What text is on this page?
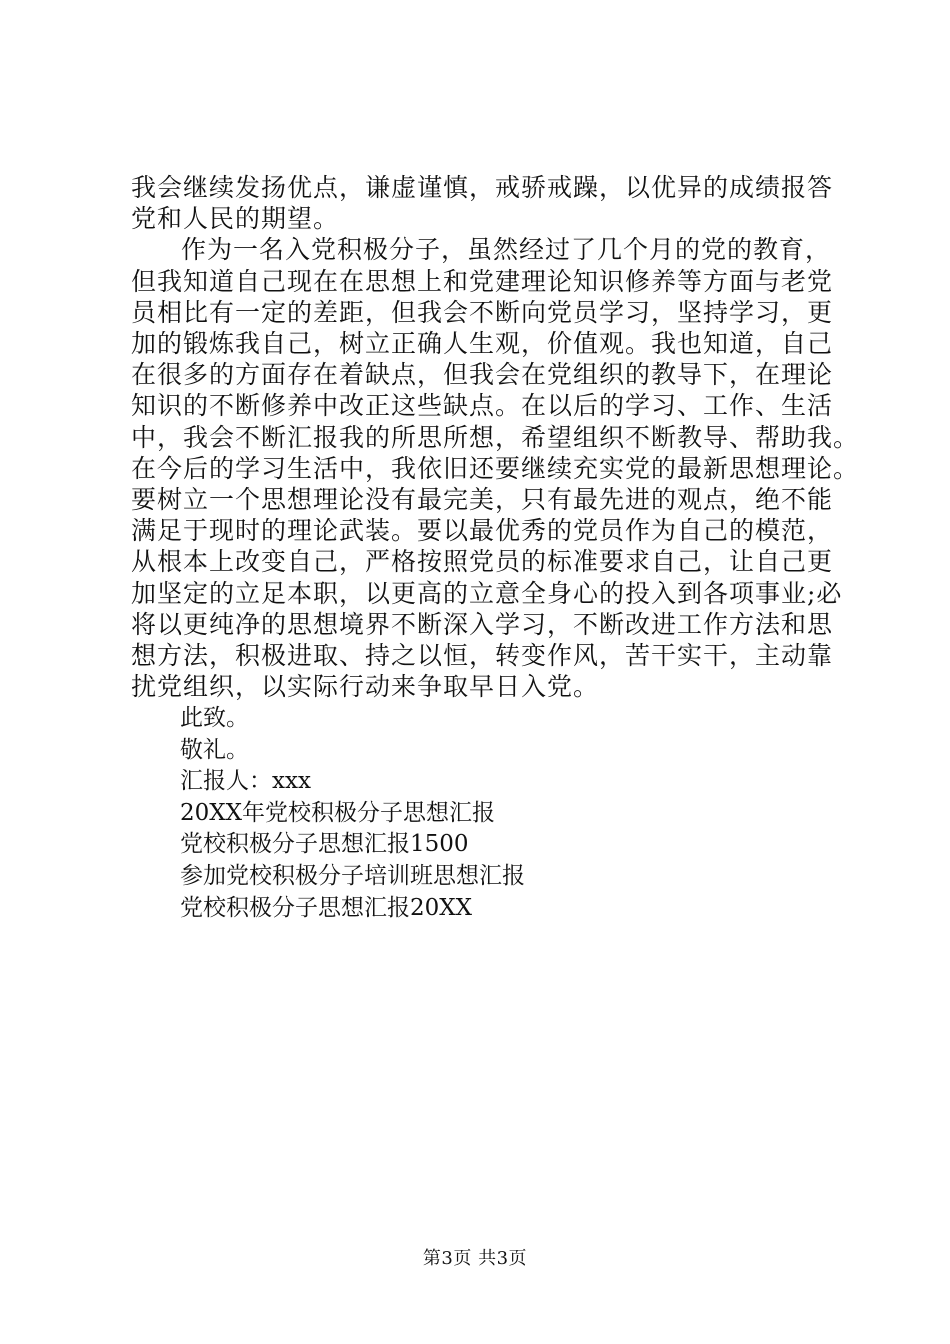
我会继续发扬优点，谦虚谨慎，戒骄戒躁，以优异的成绩报答
党和人民的期望。
作为一名入党积极分子，虽然经过了几个月的党的教育，
但我知道自己现在在思想上和党建理论知识修养等方面与老党
员相比有一定的差距，但我会不断向党员学习，坚持学习，更
加的锻炼我自己，树立正确人生观，价值观。我也知道，自己
在很多的方面存在着缺点，但我会在党组织的教导下，在理论
知识的不断修养中改正这些缺点。在以后的学习、工作、生活
中，我会不断汇报我的所思所想，希望组织不断教导、帮助我。
在今后的学习生活中，我依旧还要继续充实党的最新思想理论。
要树立一个思想理论没有最完美，只有最先进的观点，绝不能
满足于现时的理论武装。要以最优秀的党员作为自己的模范，
从根本上改变自己，严格按照党员的标准要求自己，让自己更
加坚定的立足本职，以更高的立意全身心的投入到各项事业;必
将以更纯净的思想境界不断深入学习，不断改进工作方法和思
想方法，积极进取、持之以恒，转变作风，苦干实干，主动靠
扰党组织，以实际行动来争取早日入党。
此致。
敬礼。
汇报人：xxx
20XX年党校积极分子思想汇报
党校积极分子思想汇报1500
参加党校积极分子培训班思想汇报
党校积极分子思想汇报20XX
第3页 共3页
